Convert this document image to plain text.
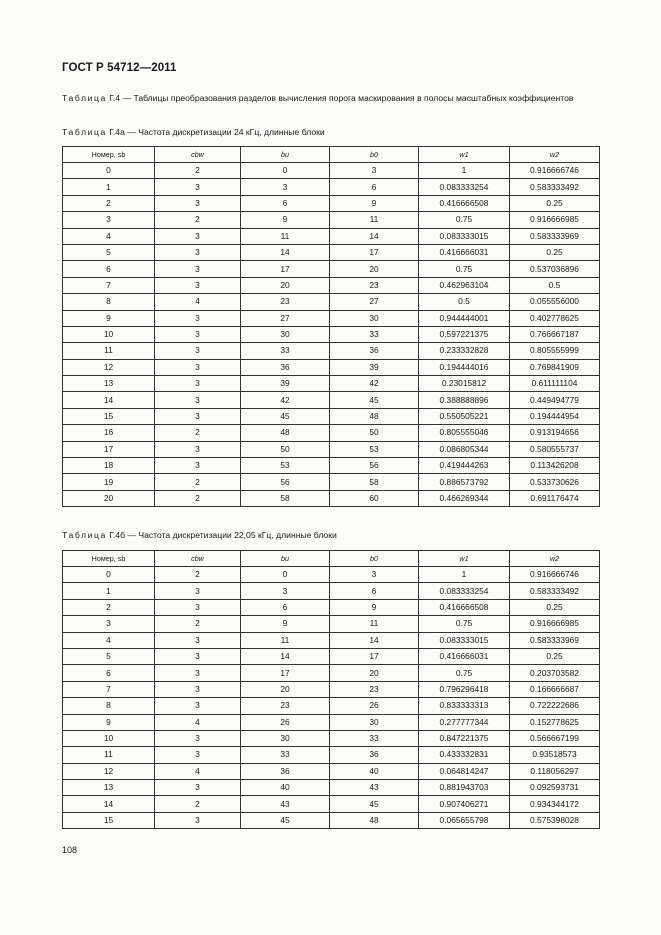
ГОСТ Р 54712—2011
Таблица Г.4 — Таблицы преобразования разделов вычисления порога маскирования в полосы масштабных коэффициентов
Таблица Г.4а — Частота дискретизации 24 кГц, длинные блоки
Номер, sb	cbw	bu	b0	w1	w2
0	2	0	3	1	0.916666746
1	3	3	6	0.083333254	0.583333492
2	3	6	9	0.416666508	0.25
3	2	9	11	0.75	0.916666985
4	3	11	14	0.083333015	0.583333969
5	3	14	17	0.416666031	0.25
6	3	17	20	0.75	0.537036896
7	3	20	23	0.462963104	0.5
8	4	23	27	0.5	0.055556000
9	3	27	30	0.944444001	0.402778625
10	3	30	33	0.597221375	0.766667187
11	3	33	36	0.233332828	0.805555999
12	3	36	39	0.194444016	0.769841909
13	3	39	42	0.23015812	0.611111104
14	3	42	45	0.388888896	0.449494779
15	3	45	48	0.550505221	0.194444954
16	2	48	50	0.805555046	0.913194656
17	3	50	53	0.086805344	0.580555737
18	3	53	56	0.419444263	0.113426208
19	2	56	58	0.886573792	0.533730626
20	2	58	60	0.466269344	0.691176474
Таблица Г.4б — Частота дискретизации 22,05 кГц, длинные блоки
Номер, sb	cbw	bu	b0	w1	w2
0	2	0	3	1	0.916666746
1	3	3	6	0.083333254	0.583333492
2	3	6	9	0.416666508	0.25
3	2	9	11	0.75	0.916666985
4	3	11	14	0.083333015	0.583333969
5	3	14	17	0.416666031	0.25
6	3	17	20	0.75	0.203703582
7	3	20	23	0.796296418	0.166666687
8	3	23	26	0.833333313	0.722222686
9	4	26	30	0.277777344	0.152778625
10	3	30	33	0.847221375	0.566667199
11	3	33	36	0.433332831	0.93518573
12	4	36	40	0.064814247	0.118056297
13	3	40	43	0.881943703	0.092593731
14	2	43	45	0.907406271	0.934344172
15	3	45	48	0.065655798	0.575398028
108
